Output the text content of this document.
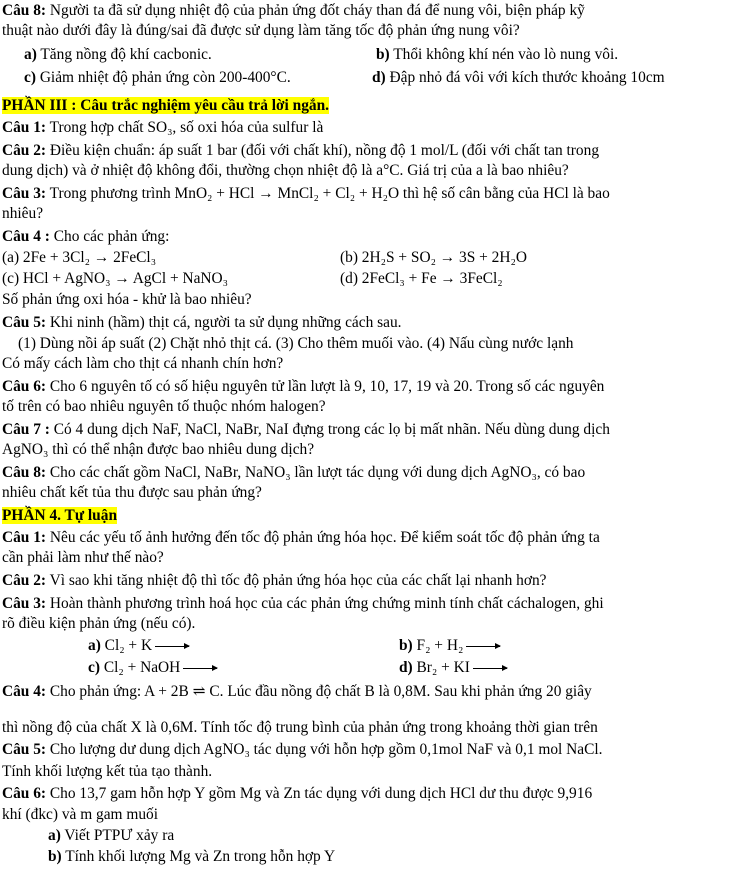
Câu 8: Người ta đã sử dụng nhiệt độ của phản ứng đốt cháy than đá để nung vôi, biện pháp kỹ
thuật nào dưới đây là đúng/sai đã được sử dụng làm tăng tốc độ phản ứng nung vôi?
a) Tăng nồng độ khí cacbonic.	b) Thổi không khí nén vào lò nung vôi.
c) Giảm nhiệt độ phản ứng còn 200-400°C.	d) Đập nhỏ đá vôi với kích thước khoảng 10cm
PHẦN III : Câu trắc nghiệm yêu cầu trả lời ngắn.
Câu 1: Trong hợp chất SO₃, số oxi hóa của sulfur là
Câu 2: Điều kiện chuẩn: áp suất 1 bar (đối với chất khí), nồng độ 1 mol/L (đối với chất tan trong
dung dịch) và ở nhiệt độ không đổi, thường chọn nhiệt độ là a°C. Giá trị của a là bao nhiêu?
Câu 3: Trong phương trình MnO₂ + HCl → MnCl₂ + Cl₂ + H₂O thì hệ số cân bằng của HCl là bao
nhiêu?
Câu 4 : Cho các phản ứng:
(a) 2Fe + 3Cl₂ → 2FeCl₃	(b) 2H₂S + SO₂ → 3S + 2H₂O
(c) HCl + AgNO₃ → AgCl + NaNO₃	(d) 2FeCl₃ + Fe → 3FeCl₂
Số phản ứng oxi hóa - khử là bao nhiêu?
Câu 5: Khi ninh (hầm) thịt cá, người ta sử dụng những cách sau.
(1) Dùng nồi áp suất (2) Chặt nhỏ thịt cá. (3) Cho thêm muối vào. (4) Nấu cùng nước lạnh
Có mấy cách làm cho thịt cá nhanh chín hơn?
Câu 6: Cho 6 nguyên tố có số hiệu nguyên tử lần lượt là 9, 10, 17, 19 và 20. Trong số các nguyên
tố trên có bao nhiêu nguyên tố thuộc nhóm halogen?
Câu 7 : Có 4 dung dịch NaF, NaCl, NaBr, NaI đựng trong các lọ bị mất nhãn. Nếu dùng dung dịch
AgNO₃ thì có thể nhận được bao nhiêu dung dịch?
Câu 8: Cho các chất gồm NaCl, NaBr, NaNO₃ lần lượt tác dụng với dung dịch AgNO₃, có bao
nhiêu chất kết tủa thu được sau phản ứng?
PHẦN 4. Tự luận
Câu 1: Nêu các yếu tố ảnh hưởng đến tốc độ phản ứng hóa học. Để kiểm soát tốc độ phản ứng ta
cần phải làm như thế nào?
Câu 2: Vì sao khi tăng nhiệt độ thì tốc độ phản ứng hóa học của các chất lại nhanh hơn?
Câu 3: Hoàn thành phương trình hoá học của các phản ứng chứng minh tính chất cáchalogen, ghi
rõ điều kiện phản ứng (nếu có).
a) Cl₂ + K →	b) F₂ + H₂ →
c) Cl₂ + NaOH →	d) Br₂ + KI →
Câu 4: Cho phản ứng: A + 2B ⇌ C. Lúc đầu nồng độ chất B là 0,8M. Sau khi phản ứng 20 giây
thì nồng độ của chất X là 0,6M. Tính tốc độ trung bình của phản ứng trong khoảng thời gian trên
Câu 5: Cho lượng dư dung dịch AgNO₃ tác dụng với hỗn hợp gồm 0,1mol NaF và 0,1 mol NaCl.
Tính khối lượng kết tủa tạo thành.
Câu 6: Cho 13,7 gam hỗn hợp Y gồm Mg và Zn tác dụng với dung dịch HCl dư thu được 9,916
khí (đkc) và m gam muối
a) Viết PTPƯ xảy ra
b) Tính khối lượng Mg và Zn trong hỗn hợp Y
